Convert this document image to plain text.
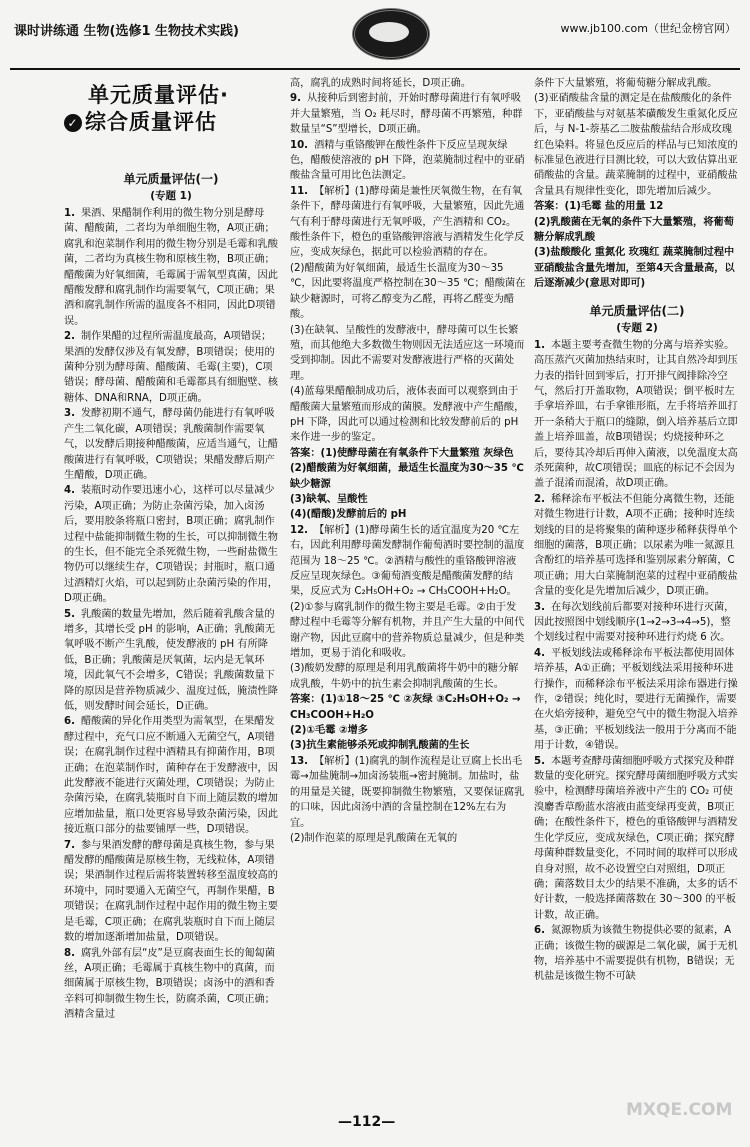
课时讲练通 生物(选修1 生物技术实践)	www.jb100.com（世纪金榜官网）
单元质量评估(一)
(专题 1)

1. 果酒、果醋制作利用的微生物分别是酵母菌、醋酸菌，二者均为单细胞生物，A项正确；腐乳和泡菜制作利用的微生物分别是毛霉和乳酸菌，二者均为真核生物和原核生物，B项正确；醋酸菌为好氧细菌，毛霉属于需氧型真菌，因此醋酸发酵和腐乳制作均需要氧气，C项正确；果酒和腐乳制作所需的温度各不相同，因此D项错误。

2. 制作果醋的过程所需温度最高，A项错误；果酒的发酵仅涉及有氧发酵，B项错误；使用的菌种分别为酵母菌、醋酸菌、毛霉(主要)，C项错误；酵母菌、醋酸菌和毛霉都具有细胞壁、核糖体、DNA和RNA，D项正确。

3. 发酵初期不通气，酵母菌仍能进行有氧呼吸产生二氧化碳，A项错误；乳酸菌制作需要氧气，以发酵后期接种醋酸菌，应适当通气，让醋酸菌进行有氧呼吸，C项错误；果醋发酵后期产生醋酸，D项正确。

4. 装瓶时动作要迅速小心，这样可以尽量减少污染，A项正确；为防止杂菌污染，加入卤汤后，要用胶条将瓶口密封，B项正确；腐乳制作过程中盐能抑制微生物的生长，可以抑制微生物的生长，但不能完全杀死微生物，一些耐盐微生物仍可以继续生存，C项错误；封瓶时，瓶口通过酒精灯火焰，可以起到防止杂菌污染的作用，D项正确。

5. 乳酸菌的数量先增加，然后随着乳酸含量的增多，其增长受 pH 的影响，A正确；乳酸菌无氧呼吸不断产生乳酸，使发酵液的 pH 有所降低，B正确；乳酸菌是厌氧菌，坛内是无氧环境，因此氧气不会增多，C错误；乳酸菌数量下降的原因是营养物质减少、温度过低，腌渍性降低，则发酵时间会延长，D正确。

6. 醋酸菌的异化作用类型为需氧型，在果醋发酵过程中，充气口应不断通入无菌空气，A项错误；在腐乳制作过程中酒精具有抑菌作用，B项正确；在泡菜制作时，菌种存在于发酵液中，因此发酵液不能进行灭菌处理，C项错误；为防止杂菌污染，在腐乳装瓶时自下而上随层数的增加应增加盐量，瓶口处更容易导致杂菌污染，因此接近瓶口部分的盐要铺厚一些，D项错误。

7. 参与果酒发酵的酵母菌是真核生物，参与果醋发酵的醋酸菌是原核生物，无线粒体，A项错误；果酒制作过程后需将装置转移至温度较高的环境中，同时要通入无菌空气，再制作果醋，B项错误；在腐乳制作过程中起作用的微生物主要是毛霉，C项正确；在腐乳装瓶时自下而上随层数的增加逐渐增加盐量，D项错误。

8. 腐乳外部有层“皮”是豆腐表面生长的匍匐菌丝，A项正确；毛霉属于真核生物中的真菌，而细菌属于原核生物，B项错误；卤汤中的酒和香辛料可抑制微生物生长，防腐杀菌，C项正确；酒精含量过

单元质量评估·

✓ 综合质量评估

高，腐乳的成熟时间将延长，D项正确。

9. 从接种后到密封前，开始时酵母菌进行有氧呼吸并大量繁殖，当 O₂ 耗尽时，酵母菌不再繁殖，种群数量呈“S”型增长，D项正确。

10. 酒精与重铬酸钾在酸性条件下反应呈现灰绿色，醋酸使溶液的 pH 下降，泡菜腌制过程中的亚硝酸盐含量可用比色法测定。

11. 【解析】(1)酵母菌是兼性厌氧微生物，在有氧条件下，酵母菌进行有氧呼吸，大量繁殖，因此先通气有利于酵母菌进行无氧呼吸，产生酒精和 CO₂。酸性条件下，橙色的重铬酸钾溶液与酒精发生化学反应，变成灰绿色，据此可以检验酒精的存在。
(2)醋酸菌为好氧细菌，最适生长温度为30～35 ℃，因此要将温度严格控制在30～35 ℃；醋酸菌在缺少糖源时，可将乙醇变为乙醛，再将乙醛变为醋酸。
(3)在缺氧、呈酸性的发酵液中，酵母菌可以生长繁殖，而其他绝大多数微生物则因无法适应这一环境而受到抑制。因此不需要对发酵液进行严格的灭菌处理。
(4)蓝莓果醋酿制成功后，液体表面可以观察到由于醋酸菌大量繁殖而形成的菌膜。发酵液中产生醋酸，pH 下降，因此可以通过检测和比较发酵前后的 pH 来作进一步的鉴定。

答案：(1)使酵母菌在有氧条件下大量繁殖 灰绿色
(2)醋酸菌为好氧细菌，最适生长温度为30～35 ℃ 缺少糖源
(3)缺氧、呈酸性
(4)(醋酸)发酵前后的 pH

12. 【解析】(1)酵母菌生长的适宜温度为20 ℃左右，因此利用酵母菌发酵制作葡萄酒时要控制的温度范围为 18～25 ℃。②酒精与酸性的重铬酸钾溶液反应呈现灰绿色。③葡萄酒变酸是醋酸菌发酵的结果，反应式为 C₂H₅OH+O₂ → CH₃COOH+H₂O。
(2)①参与腐乳制作的微生物主要是毛霉。②由于发酵过程中毛霉等分解有机物，并且产生大量的中间代谢产物，因此豆腐中的营养物质总量减少，但是种类增加，更易于消化和吸收。
(3)酸奶发酵的原理是利用乳酸菌将牛奶中的糖分解成乳酸，牛奶中的抗生素会抑制乳酸菌的生长。

答案：(1)①18～25 ℃ ②灰绿 ③C₂H₅OH+O₂ → CH₃COOH+H₂O
(2)①毛霉 ②增多
(3)抗生素能够杀死或抑制乳酸菌的生长

13. 【解析】(1)腐乳的制作流程是让豆腐上长出毛霉→加盐腌制→加卤汤装瓶→密封腌制。加盐时，盐的用量是关键，既要抑制微生物繁殖，又要保证腐乳的口味，因此卤汤中酒的含量控制在12%左右为宜。
(2)制作泡菜的原理是乳酸菌在无氧的

条件下大量繁殖，将葡萄糖分解成乳酸。
(3)亚硝酸盐含量的测定是在盐酸酸化的条件下，亚硝酸盐与对氨基苯磺酸发生重氮化反应后，与 N-1-萘基乙二胺盐酸盐结合形成玫瑰红色染料。将显色反应后的样品与已知浓度的标准显色液进行目测比较，可以大致估算出亚硝酸盐的含量。蔬菜腌制的过程中，亚硝酸盐含量具有规律性变化，即先增加后减少。

答案：(1)毛霉 盐的用量 12
(2)乳酸菌在无氧的条件下大量繁殖，将葡萄糖分解成乳酸
(3)盐酸酸化 重氮化 玫瑰红 蔬菜腌制过程中亚硝酸盐含量先增加，至第4天含量最高，以后逐渐减少(意思对即可)

单元质量评估(二)
(专题 2)

1. 本题主要考查微生物的分离与培养实验。高压蒸汽灭菌加热结束时，让其自然冷却到压力表的指针回到零后，打开排气阀排除冷空气，然后打开盖取物，A项错误；倒平板时左手拿培养皿，右手拿锥形瓶，左手将培养皿打开一条稍大于瓶口的缝隙，倒入培养基后立即盖上培养皿盖，故B项错误；灼烧接种环之后，要待其冷却后再伸入菌液，以免温度太高杀死菌种，故C项错误；皿底的标记不会因为盖子混淆而混淆，故D项正确。

2. 稀释涂布平板法不但能分离微生物，还能对微生物进行计数，A项不正确；接种时连续划线的目的是将聚集的菌种逐步稀释获得单个细胞的菌落，B项正确；以尿素为唯一氮源且含酚红的培养基可选择和鉴别尿素分解菌，C项正确；用大白菜腌制泡菜的过程中亚硝酸盐含量的变化是先增加后减少，D项正确。

3. 在每次划线前后都要对接种环进行灭菌，因此按照图中划线顺序(1→2→3→4→5)，整个划线过程中需要对接种环进行灼烧 6 次。

4. 平板划线法或稀释涂布平板法都使用固体培养基，A①正确；平板划线法采用接种环进行操作，而稀释涂布平板法采用涂布器进行操作，②错误；纯化时，要进行无菌操作，需要在火焰旁接种，避免空气中的微生物混入培养基，③正确；平板划线法一般用于分离而不能用于计数，④错误。

5. 本题考查酵母菌细胞呼吸方式探究及种群数量的变化研究。探究酵母菌细胞呼吸方式实验中，检测酵母菌培养液中产生的 CO₂ 可使溴麝香草酚蓝水溶液由蓝变绿再变黄，B项正确；在酸性条件下，橙色的重铬酸钾与酒精发生化学反应，变成灰绿色，C项正确；探究酵母菌种群数量变化，不同时间的取样可以形成自身对照，故不必设置空白对照组，D项正确；菌落数目太少的结果不准确，太多的话不好计数，一般选择菌落数在 30～300 的平板计数，故正确。

6. 氮源物质为该微生物提供必要的氮素，A正确；该微生物的碳源是二氧化碳，属于无机物，培养基中不需要提供有机物，B错误；无机盐是该微生物不可缺

—112—
MXQE.COM
